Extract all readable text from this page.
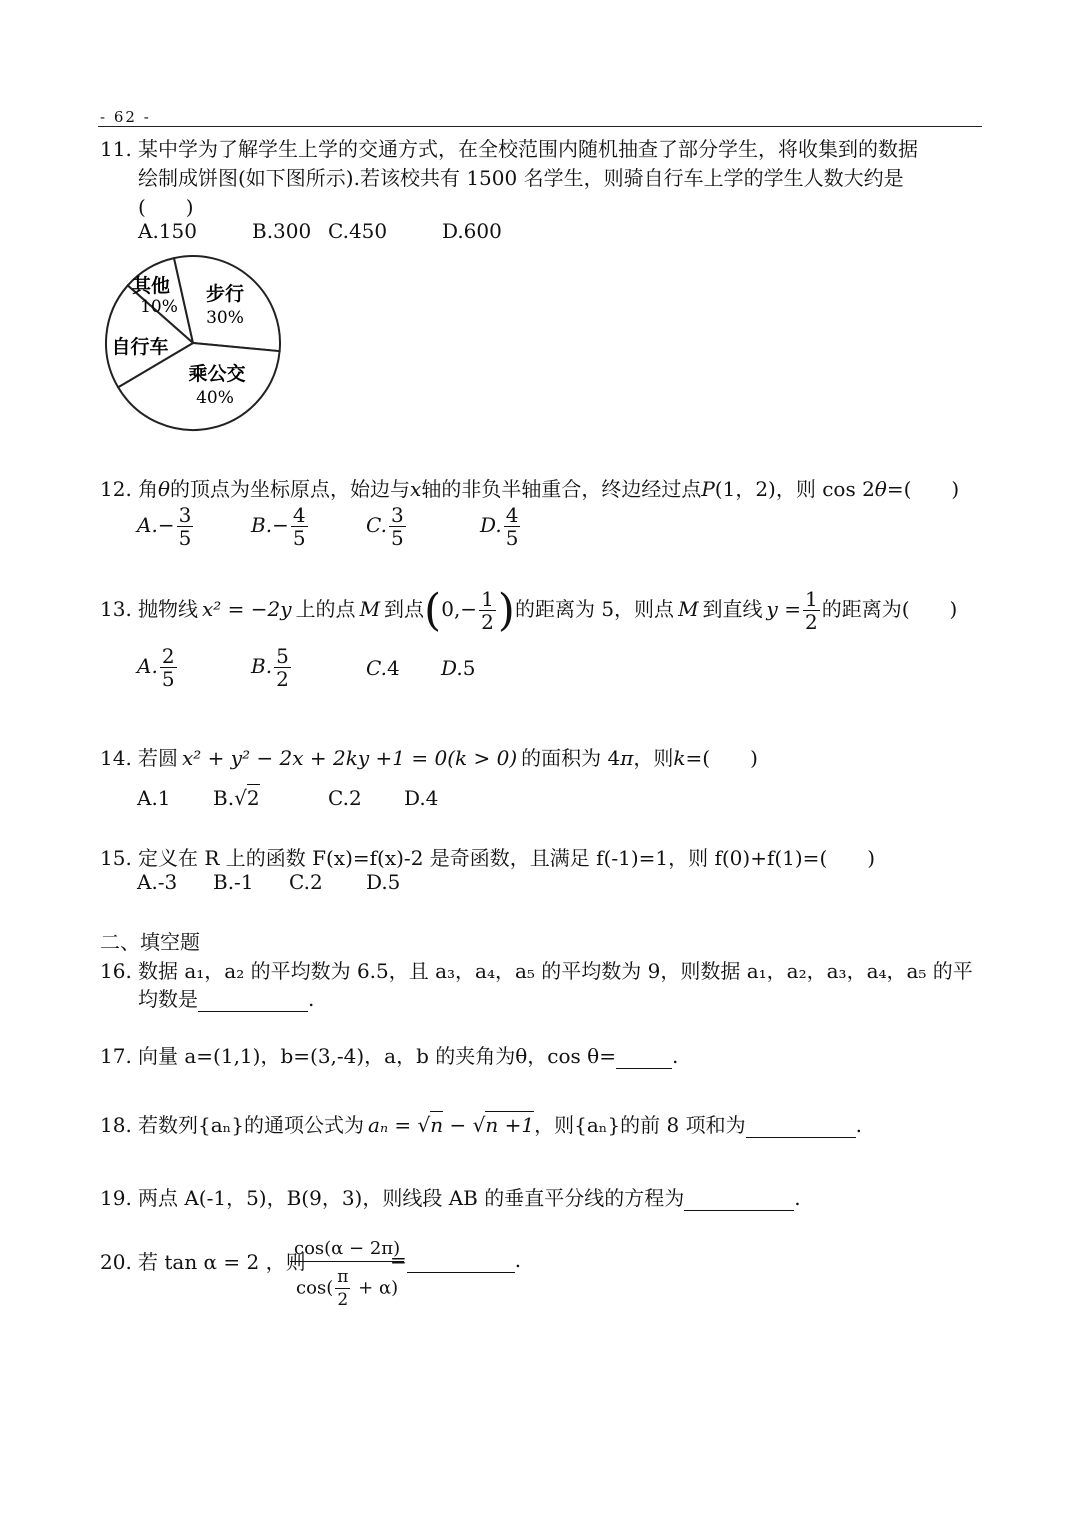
- 62 -
11. 某中学为了解学生上学的交通方式，在全校范围内随机抽查了部分学生，将收集到的数据
绘制成饼图(如下图所示).若该校共有 1500 名学生，则骑自行车上学的学生人数大约是
(　　)
A.150	B.300 C.450	D.600
其他
10%
步行
30%
乘公交
40%
自行车
12. 角θ的顶点为坐标原点，始边与x轴的非负半轴重合，终边经过点P(1，2)，则 cos 2θ=(　　)
$A.- \frac{3}{5}$	$B.- \frac{4}{5}$	C. $\frac{3}{5}$	D. $\frac{4}{5}$
13. 抛物线 x² = −2y 上的点 M 到点($0,- \frac{1}{2}$ )的距离为 5，则点 M 到直线 $y = \frac{1}{2}$ 的距离为(　　)
A. $\frac{2}{5}$	B. $\frac{5}{2}$	C.4 D.5
14. 若圆 x² + y² − 2x + 2ky +1 = 0(k > 0) 的面积为 4π，则k=(　　)
A.1 B.√2	C.2 D.4
15. 定义在 R 上的函数 F(x)=f(x)-2 是奇函数，且满足 f(-1)=1，则 f(0)+f(1)=(　　)
A.-3 B.-1 C.2 D.5
二、填空题
16. 数据 a₁，a₂ 的平均数为 6.5，且 a₃，a₄，a₅ 的平均数为 9，则数据 a₁，a₂，a₃，a₄，a₅ 的平
均数是	.
17. 向量 a=(1,1)，b=(3,-4)，a，b 的夹角为θ，cos θ=	.
18. 若数列{aₙ}的通项公式为 aₙ = √n − √n +1，则{aₙ}的前 8 项和为	.
19. 两点 A(-1，5)，B(9，3)，则线段 AB 的垂直平分线的方程为	.
20. 若 tan α = 2 ，则
$\frac{\cos(\alpha - 2\pi)}{\cos( \frac{\pi}{2} + \alpha)}$
=	.
